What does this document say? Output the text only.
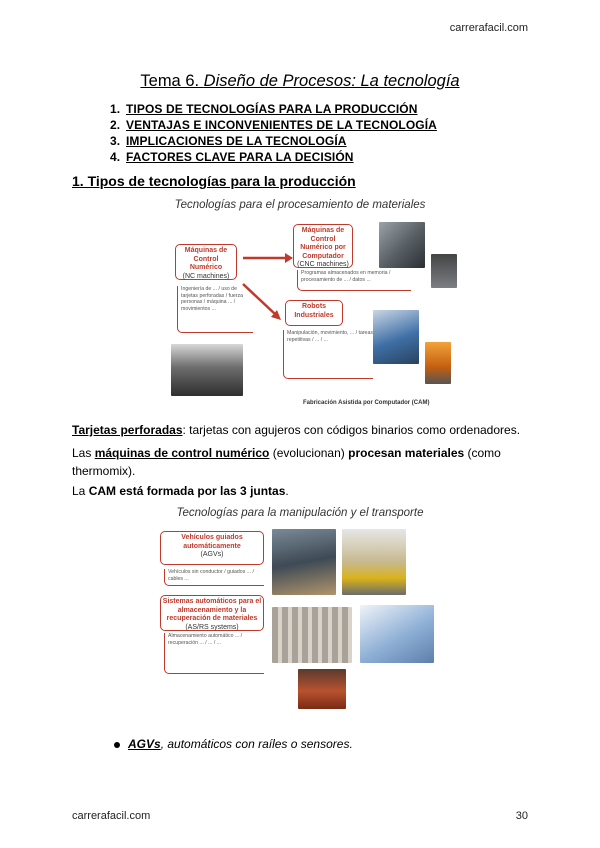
carrerafacil.com
Tema 6. Diseño de Procesos: La tecnología
1. TIPOS DE TECNOLOGÍAS PARA LA PRODUCCIÓN
2. VENTAJAS E INCONVENIENTES DE LA TECNOLOGÍA
3. IMPLICACIONES DE LA TECNOLOGÍA
4. FACTORES CLAVE PARA LA DECISIÓN
1. Tipos de tecnologías para la producción
Tecnologías para el procesamiento de materiales
Máquinas de Control Numérico
(NC machines)
Ingeniería de ... / uso de tarjetas perforadas / fuerza personas / máquina ... / movimientos ...
Máquinas de Control Numérico por Computador
(CNC machines)
Programas almacenados en memoria / procesamiento de ... / datos ...
Robots Industriales
Manipulación, movimiento, ... / tareas repetitivas / ... / ...
Fabricación Asistida por Computador (CAM)
Tarjetas perforadas: tarjetas con agujeros con códigos binarios como ordenadores.
Las máquinas de control numérico (evolucionan) procesan materiales (como thermomix).
La CAM está formada por las 3 juntas.
Tecnologías para la manipulación y el transporte
Vehículos guiados automáticamente
(AGVs)
Vehículos sin conductor / guiados ... / cables ...
Sistemas automáticos para el almacenamiento y la recuperación de materiales
(AS/RS systems)
Almacenamiento automático ... / recuperación ... / ... / ...
AGVs, automáticos con raíles o sensores.
carrerafacil.com	30
